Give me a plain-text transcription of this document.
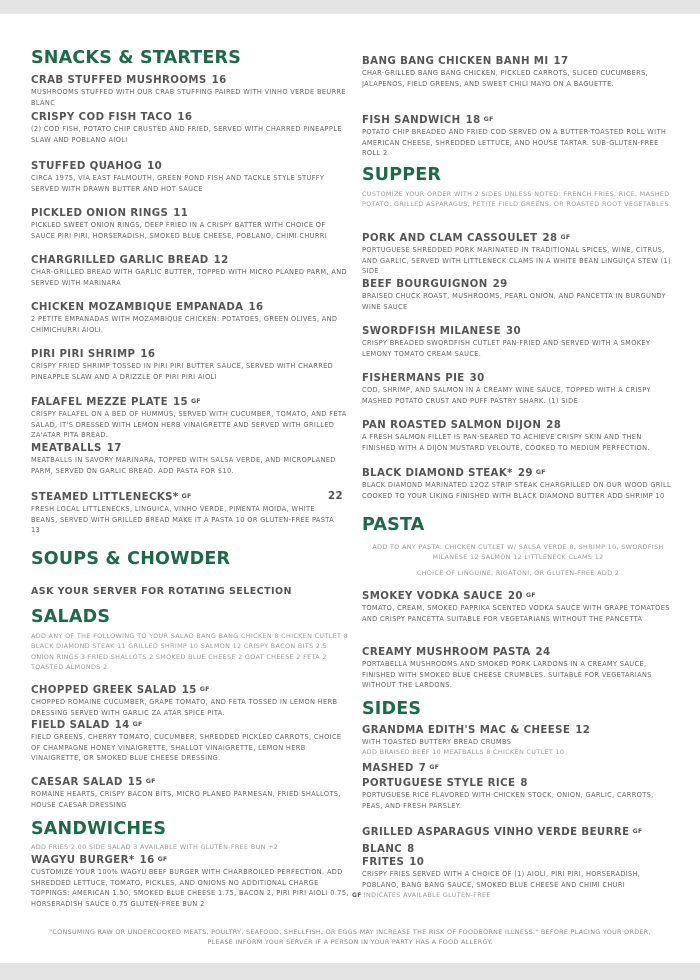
SNACKS & STARTERS
CRAB STUFFED MUSHROOMS 16
MUSHROOMS STUFFED WITH OUR CRAB STUFFING PAIRED WITH VINHO VERDE BEURRE BLANC
CRISPY COD FISH TACO 16
(2) COD FISH, POTATO CHIP CRUSTED AND FRIED, SERVED WITH CHARRED PINEAPPLE SLAW AND POBLANO AIOLI
STUFFED QUAHOG 10
CIRCA 1975, VIA EAST FALMOUTH, GREEN POND FISH AND TACKLE STYLE STUFFY SERVED WITH DRAWN BUTTER AND HOT SAUCE
PICKLED ONION RINGS 11
PICKLED SWEET ONION RINGS, DEEP FRIED IN A CRISPY BATTER WITH CHOICE OF SAUCE PIRI PIRI, HORSERADISH, SMOKED BLUE CHEESE, POBLANO, CHIMI CHURRI
CHARGRILLED GARLIC BREAD 12
CHAR-GRILLED BREAD WITH GARLIC BUTTER, TOPPED WITH MICRO PLANED PARM, AND SERVED WITH MARINARA
CHICKEN MOZAMBIQUE EMPANADA 16
2 PETITE EMPANADAS WITH MOZAMBIQUE CHICKEN: POTATOES, GREEN OLIVES, AND CHIMICHURRI AIOLI.
PIRI PIRI SHRIMP 16
CRISPY FRIED SHRIMP TOSSED IN PIRI PIRI BUTTER SAUCE, SERVED WITH CHARRED PINEAPPLE SLAW AND A DRIZZLE OF PIRI PIRI AIOLI
FALAFEL MEZZE PLATE 15 GF
CRISPY FALAFEL ON A BED OF HUMMUS, SERVED WITH CUCUMBER, TOMATO, AND FETA SALAD, IT'S DRESSED WITH LEMON HERB VINAIGRETTE AND SERVED WITH GRILLED ZA'ATAR PITA BREAD.
MEATBALLS 17
MEATBALLS IN SAVORY MARINARA, TOPPED WITH SALSA VERDE, AND MICROPLANED PARM, SERVED ON GARLIC BREAD. ADD PASTA FOR $10.
STEAMED LITTLENECKS* GF	22
FRESH LOCAL LITTLENECKS, LINGUICA, VINHO VERDE, PIMENTA MOIDA, WHITE BEANS, SERVED WITH GRILLED BREAD MAKE IT A PASTA 10 OR GLUTEN-FREE PASTA 13
SOUPS & CHOWDER
ASK YOUR SERVER FOR ROTATING SELECTION
SALADS
ADD ANY OF THE FOLLOWING TO YOUR SALAD BANG BANG CHICKEN 8 CHICKEN CUTLET 8 BLACK DIAMOND STEAK 11 GRILLED SHRIMP 10 SALMON 12 CRISPY BACON BITS 2.5 ONION RINGS 3 FRIED SHALLOTS 2 SMOKED BLUE CHEESE 2 GOAT CHEESE 2 FETA 2 TOASTED ALMONDS 2
CHOPPED GREEK SALAD 15 GF
CHOPPED ROMAINE CUCUMBER, GRAPE TOMATO, AND FETA TOSSED IN LEMON HERB DRESSING SERVED WITH GARLIC ZA ATAR SPICE PITA.
FIELD SALAD 14 GF
FIELD GREENS, CHERRY TOMATO, CUCUMBER, SHREDDED PICKLED CARROTS, CHOICE OF CHAMPAGNE HONEY VINAIGRETTE, SHALLOT VINAIGRETTE, LEMON HERB VINAIGRETTE, OR SMOKED BLUE CHEESE DRESSING.
CAESAR SALAD 15 GF
ROMAINE HEARTS, CRISPY BACON BITS, MICRO PLANED PARMESAN, FRIED SHALLOTS, HOUSE CAESAR DRESSING
SANDWICHES
ADD FRIES 2.00 SIDE SALAD 3 AVAILABLE WITH GLUTEN-FREE BUN +2
WAGYU BURGER* 16 GF
CUSTOMIZE YOUR 100% WAGYU BEEF BURGER WITH CHARBROILED PERFECTION. ADD SHREDDED LETTUCE, TOMATO, PICKLES, AND ONIONS NO ADDITIONAL CHARGE TOPPINGS: AMERICAN 1.50, SMOKED BLUE CHEESE 1.75, BACON 2, PIRI PIRI AIOLI 0.75, HORSERADISH SAUCE 0.75 GLUTEN-FREE BUN 2
BANG BANG CHICKEN BANH MI 17
CHAR-GRILLED BANG BANG CHICKEN, PICKLED CARROTS, SLICED CUCUMBERS, JALAPENOS, FIELD GREENS, AND SWEET CHILI MAYO ON A BAGUETTE.
FISH SANDWICH 18 GF
POTATO CHIP BREADED AND FRIED COD SERVED ON A BUTTER-TOASTED ROLL WITH AMERICAN CHEESE, SHREDDED LETTUCE, AND HOUSE TARTAR. SUB-GLUTEN-FREE ROLL 2
SUPPER
CUSTOMIZE YOUR ORDER WITH 2 SIDES UNLESS NOTED: FRENCH FRIES, RICE, MASHED POTATO, GRILLED ASPARAGUS, PETITE FIELD GREENS, OR ROASTED ROOT VEGETABLES.
PORK AND CLAM CASSOULET 28 GF
PORTUGUESE SHREDDED PORK MARINATED IN TRADITIONAL SPICES, WINE, CITRUS, AND GARLIC, SERVED WITH LITTLENECK CLAMS IN A WHITE BEAN LINGUIÇA STEW (1) SIDE
BEEF BOURGUIGNON 29
BRAISED CHUCK ROAST, MUSHROOMS, PEARL ONION, AND PANCETTA IN BURGUNDY WINE SAUCE
SWORDFISH MILANESE 30
CRISPY BREADED SWORDFISH CUTLET PAN-FRIED AND SERVED WITH A SMOKEY LEMONY TOMATO CREAM SAUCE.
FISHERMANS PIE 30
COD, SHRIMP, AND SALMON IN A CREAMY WINE SAUCE, TOPPED WITH A CRISPY MASHED POTATO CRUST AND PUFF PASTRY SHARK. (1) SIDE
PAN ROASTED SALMON DIJON 28
A FRESH SALMON FILLET IS PAN-SEARED TO ACHIEVE CRISPY SKIN AND THEN FINISHED WITH A DIJON MUSTARD VELOUTÉ, COOKED TO MEDIUM PERFECTION.
BLACK DIAMOND STEAK* 29 GF
BLACK DIAMOND MARINATED 12OZ STRIP STEAK CHARGRILLED ON OUR WOOD GRILL COOKED TO YOUR LIKING FINISHED WITH BLACK DIAMOND BUTTER ADD SHRIMP 10
PASTA
ADD TO ANY PASTA: CHICKEN CUTLET W/ SALSA VERDE 8, SHRIMP 10, SWORDFISH MILANESE 12 SALMON 12 LITTLENECK CLAMS 12
CHOICE OF LINGUINE, RIGATONI, OR GLUTEN-FREE ADD 2
SMOKEY VODKA SAUCE 20 GF
TOMATO, CREAM, SMOKED PAPRIKA SCENTED VODKA SAUCE WITH GRAPE TOMATOES AND CRISPY PANCETTA SUITABLE FOR VEGETARIANS WITHOUT THE PANCETTA
CREAMY MUSHROOM PASTA 24
PORTABELLA MUSHROOMS AND SMOKED PORK LARDONS IN A CREAMY SAUCE, FINISHED WITH SMOKED BLUE CHEESE CRUMBLES. SUITABLE FOR VEGETARIANS WITHOUT THE LARDONS.
SIDES
GRANDMA EDITH'S MAC & CHEESE 12
WITH TOASTED BUTTERY BREAD CRUMBS
ADD BRAISED BEEF 10 MEATBALLS 8 CHICKEN CUTLET 10
MASHED 7 GF
PORTUGUESE STYLE RICE 8
PORTUGUESE RICE FLAVORED WITH CHICKEN STOCK, ONION, GARLIC, CARROTS, PEAS, AND FRESH PARSLEY.
GRILLED ASPARAGUS VINHO VERDE BEURRE GF
BLANC 8
FRITES 10
CRISPY FRIES SERVED WITH A CHOICE OF (1) AIOLI, PIRI PIRI, HORSERADISH, POBLANO, BANG BANG SAUCE, SMOKED BLUE CHEESE AND CHIMI CHURI
GF INDICATES AVAILABLE GLUTEN-FREE
"CONSUMING RAW OR UNDERCOOKED MEATS, POULTRY, SEAFOOD, SHELLFISH, OR EGGS MAY INCREASE THE RISK OF FOODBORNE ILLNESS." BEFORE PLACING YOUR ORDER, PLEASE INFORM YOUR SERVER IF A PERSON IN YOUR PARTY HAS A FOOD ALLERGY.
